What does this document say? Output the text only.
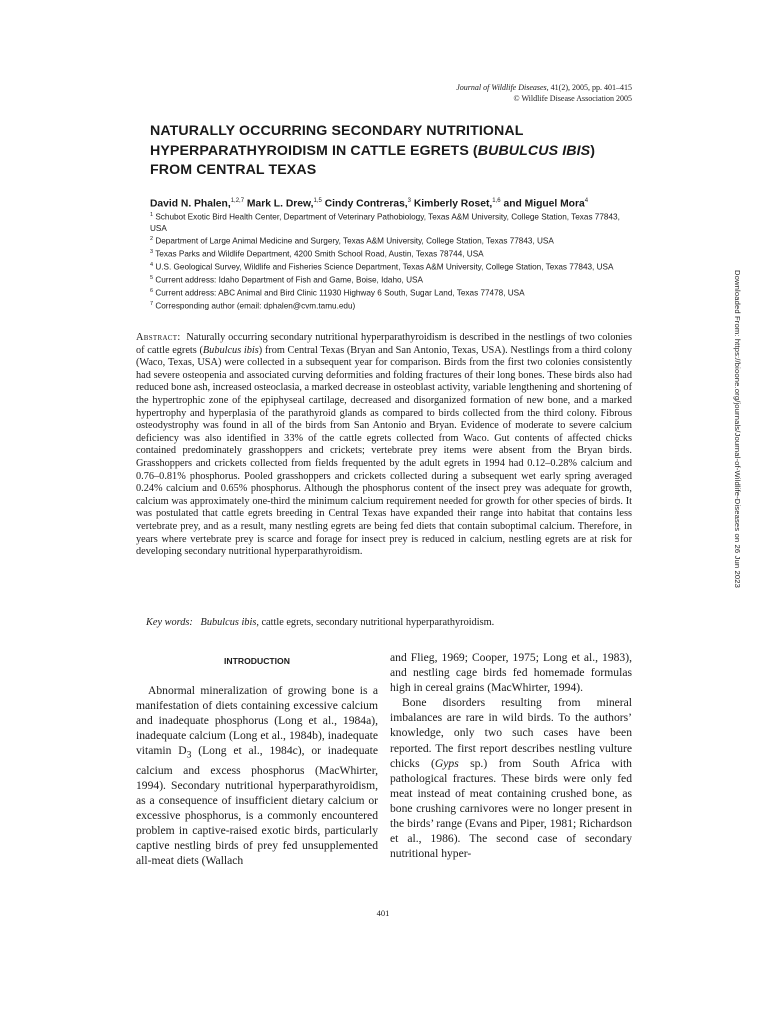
Journal of Wildlife Diseases, 41(2), 2005, pp. 401–415
© Wildlife Disease Association 2005
NATURALLY OCCURRING SECONDARY NUTRITIONAL HYPERPARATHYROIDISM IN CATTLE EGRETS (BUBULCUS IBIS) FROM CENTRAL TEXAS
David N. Phalen,$^{1,2,7}$ Mark L. Drew,$^{1,5}$ Cindy Contreras,$^3$ Kimberly Roset,$^{1,6}$ and Miguel Mora$^4$
$^1$ Schubot Exotic Bird Health Center, Department of Veterinary Pathobiology, Texas A&M University, College Station, Texas 77843, USA
$^2$ Department of Large Animal Medicine and Surgery, Texas A&M University, College Station, Texas 77843, USA
$^3$ Texas Parks and Wildlife Department, 4200 Smith School Road, Austin, Texas 78744, USA
$^4$ U.S. Geological Survey, Wildlife and Fisheries Science Department, Texas A&M University, College Station, Texas 77843, USA
$^5$ Current address: Idaho Department of Fish and Game, Boise, Idaho, USA
$^6$ Current address: ABC Animal and Bird Clinic 11930 Highway 6 South, Sugar Land, Texas 77478, USA
$^7$ Corresponding author (email: dphalen@cvm.tamu.edu)
Abstract: Naturally occurring secondary nutritional hyperparathyroidism is described in the nestlings of two colonies of cattle egrets (Bubulcus ibis) from Central Texas (Bryan and San Antonio, Texas, USA). Nestlings from a third colony (Waco, Texas, USA) were collected in a subsequent year for comparison. Birds from the first two colonies consistently had severe osteopenia and associated curving deformities and folding fractures of their long bones. These birds also had reduced bone ash, increased osteoclasia, a marked decrease in osteoblast activity, variable lengthening and shortening of the hypertrophic zone of the epiphyseal cartilage, decreased and disorganized formation of new bone, and a marked hypertrophy and hyperplasia of the parathyroid glands as compared to birds collected from the third colony. Fibrous osteodystrophy was found in all of the birds from San Antonio and Bryan. Evidence of moderate to severe calcium deficiency was also identified in 33% of the cattle egrets collected from Waco. Gut contents of affected chicks contained predominately grasshoppers and crickets; vertebrate prey items were absent from the Bryan birds. Grasshoppers and crickets collected from fields frequented by the adult egrets in 1994 had 0.12–0.28% calcium and 0.76–0.81% phosphorus. Pooled grasshoppers and crickets collected during a subsequent wet early spring averaged 0.24% calcium and 0.65% phosphorus. Although the phosphorus content of the insect prey was adequate for growth, calcium was approximately one-third the minimum calcium requirement needed for growth for other species of birds. It was postulated that cattle egrets breeding in Central Texas have expanded their range into habitat that contains less vertebrate prey, and as a result, many nestling egrets are being fed diets that contain suboptimal calcium. Therefore, in years where vertebrate prey is scarce and forage for insect prey is reduced in calcium, nestling egrets are at risk for developing secondary nutritional hyperparathyroidism.
Key words: Bubulcus ibis, cattle egrets, secondary nutritional hyperparathyroidism.
INTRODUCTION

Abnormal mineralization of growing bone is a manifestation of diets containing excessive calcium and inadequate phosphorus (Long et al., 1984a), inadequate calcium (Long et al., 1984b), inadequate vitamin $D_3$ (Long et al., 1984c), or inadequate calcium and excess phosphorus (MacWhirter, 1994). Secondary nutritional hyperparathyroidism, as a consequence of insufficient dietary calcium or excessive phosphorus, is a commonly encountered problem in captive-raised exotic birds, particularly captive nestling birds of prey fed unsupplemented all-meat diets (Wallach

and Flieg, 1969; Cooper, 1975; Long et al., 1983), and nestling cage birds fed homemade formulas high in cereal grains (MacWhirter, 1994).

Bone disorders resulting from mineral imbalances are rare in wild birds. To the authors’ knowledge, only two such cases have been reported. The first report describes nestling vulture chicks (Gyps sp.) from South Africa with pathological fractures. These birds were only fed meat instead of meat containing crushed bone, as bone crushing carnivores were no longer present in the birds’ range (Evans and Piper, 1981; Richardson et al., 1986). The second case of secondary nutritional hyper-

401
Downloaded From: https://bioone.org/journals/Journal-of-Wildlife-Diseases on 26 Jun 2023
